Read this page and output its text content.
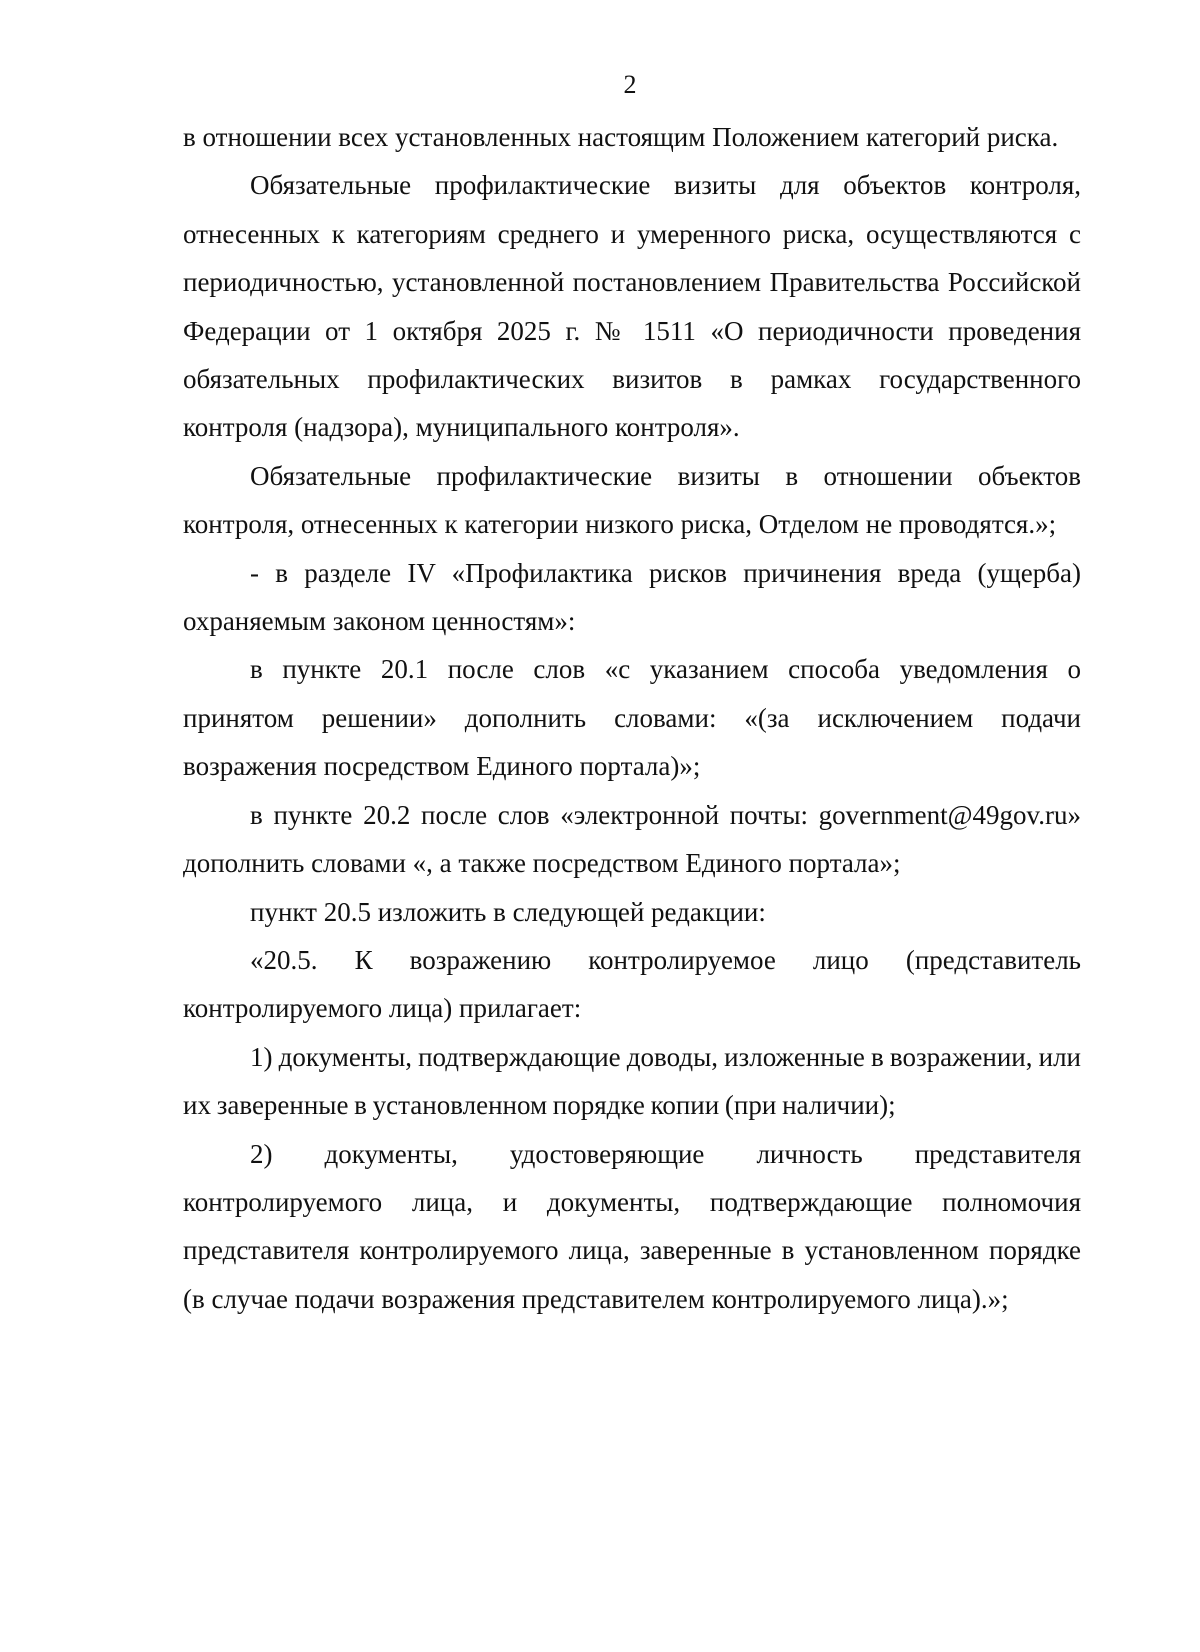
2

в отношении всех установленных настоящим Положением категорий риска.

Обязательные профилактические визиты для объектов контроля, отнесенных к категориям среднего и умеренного риска, осуществляются с периодичностью, установленной постановлением Правительства Российской Федерации от 1 октября 2025 г. № 1511 «О периодичности проведения обязательных профилактических визитов в рамках государственного контроля (надзора), муниципального контроля».

Обязательные профилактические визиты в отношении объектов контроля, отнесенных к категории низкого риска, Отделом не проводятся.»;

- в разделе IV «Профилактика рисков причинения вреда (ущерба) охраняемым законом ценностям»:

в пункте 20.1 после слов «с указанием способа уведомления о принятом решении» дополнить словами: «(за исключением подачи возражения посредством Единого портала)»;

в пункте 20.2 после слов «электронной почты: government@49gov.ru» дополнить словами «, а также посредством Единого портала»;

пункт 20.5 изложить в следующей редакции:

«20.5. К возражению контролируемое лицо (представитель контролируемого лица) прилагает:

1) документы, подтверждающие доводы, изложенные в возражении, или их заверенные в установленном порядке копии (при наличии);

2) документы, удостоверяющие личность представителя контролируемого лица, и документы, подтверждающие полномочия представителя контролируемого лица, заверенные в установленном порядке (в случае подачи возражения представителем контролируемого лица).»;
